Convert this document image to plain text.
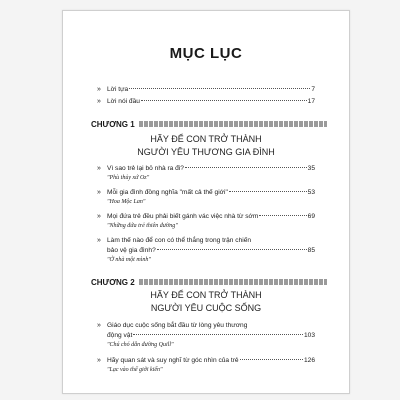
MỤC LỤC
» Lời tựa	7
» Lời nói đầu	17
CHƯƠNG 1
HÃY ĐỂ CON TRỞ THÀNH
NGƯỜI YÊU THƯƠNG GIA ĐÌNH
» Vì sao trẻ lại bỏ nhà ra đi?	35
"Phù thủy xứ Oz"
» Mỗi gia đình đồng nghĩa "mất cả thế giới"	53
"Hoa Mộc Lan"
» Mọi đứa trẻ đều phải biết gánh vác việc nhà từ sớm	69
"Những đứa trẻ thiên đường"
» Làm thế nào để con có thể thắng trong trận chiến
bảo vệ gia đình?	85
"Ở nhà một mình"
CHƯƠNG 2
HÃY ĐỂ CON TRỞ THÀNH
NGƯỜI YÊU CUỘC SỐNG
» Giáo dục cuộc sống bắt đầu từ lòng yêu thương
động vật	103
"Chú chó dẫn đường Quill"
» Hãy quan sát và suy nghĩ từ góc nhìn của trẻ	126
"Lạc vào thế giới kiến"
